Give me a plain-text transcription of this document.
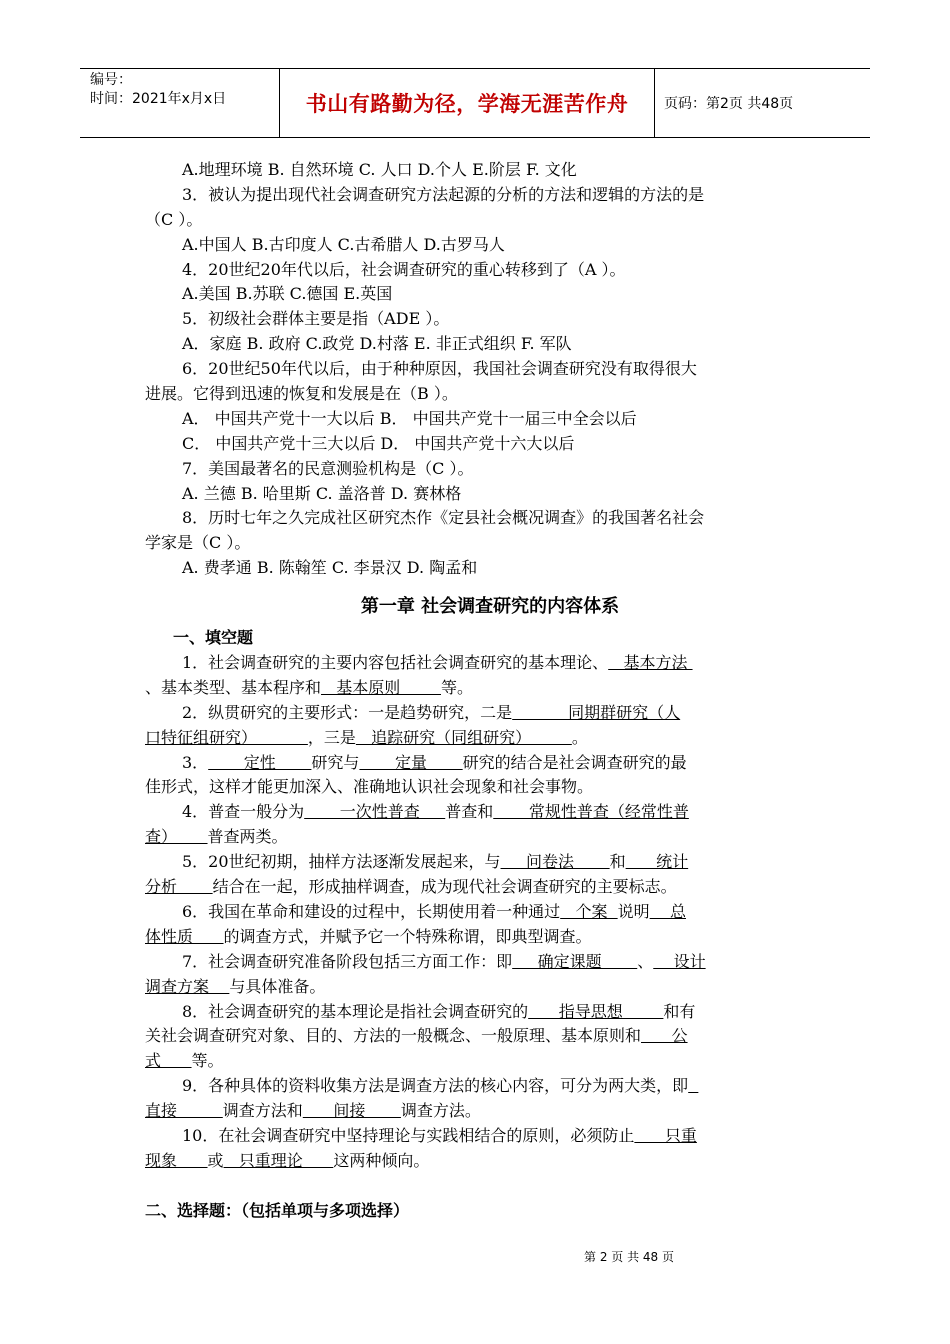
编号：
时间：2021年x月x日	书山有路勤为径，学海无涯苦作舟	页码：第2页 共48页
A.地理环境 B. 自然环境 C. 人口 D.个人 E.阶层 F. 文化
3．被认为提出现代社会调查研究方法起源的分析的方法和逻辑的方法的是
（C ）。
A.中国人 B.古印度人 C.古希腊人 D.古罗马人
4．20世纪20年代以后，社会调查研究的重心转移到了（A ）。
A.美国 B.苏联 C.德国 E.英国
5．初级社会群体主要是指（ADE ）。
A．家庭 B. 政府 C.政党 D.村落 E. 非正式组织 F. 军队
6．20世纪50年代以后，由于种种原因，我国社会调查研究没有取得很大
进展。它得到迅速的恢复和发展是在（B ）。
A． 中国共产党十一大以后 B． 中国共产党十一届三中全会以后
C． 中国共产党十三大以后 D． 中国共产党十六大以后
7．美国最著名的民意测验机构是（C ）。
A. 兰德 B. 哈里斯 C. 盖洛普 D. 赛林格
8．历时七年之久完成社区研究杰作《定县社会概况调查》的我国著名社会
学家是（C ）。
A. 费孝通 B. 陈翰笙 C. 李景汉 D. 陶孟和
第一章 社会调查研究的内容体系
一、填空题
1．社会调查研究的主要内容包括社会调查研究的基本理论、   基本方法
、基本类型、基本程序和   基本原则        等。
2．纵贯研究的主要形式：一是趋势研究，二是           同期群研究（人
口特征组研究）          ，三是   追踪研究（同组研究）        。
3．       定性       研究与       定量       研究的结合是社会调查研究的最
佳形式，这样才能更加深入、准确地认识社会现象和社会事物。
4．普查一般分为       一次性普查     普查和       常规性普查（经常性普
查）      普查两类。
5．20世纪初期，抽样方法逐渐发展起来，与     问卷法       和      统计
分析       结合在一起，形成抽样调查，成为现代社会调查研究的主要标志。
6．我国在革命和建设的过程中，长期使用着一种通过   个案  说明    总
体性质      的调查方式，并赋予它一个特殊称谓，即典型调查。
7．社会调查研究准备阶段包括三方面工作：即     确定课题       、    设计
调查方案    与具体准备。
8．社会调查研究的基本理论是指社会调查研究的      指导思想        和有
关社会调查研究对象、目的、方法的一般概念、一般原理、基本原则和      公
式      等。
9．各种具体的资料收集方法是调查方法的核心内容，可分为两大类，即
直接         调查方法和      间接       调查方法。
10．在社会调查研究中坚持理论与实践相结合的原则，必须防止      只重
现象      或   只重理论      这两种倾向。
二、选择题：（包括单项与多项选择）
第 2 页 共 48 页
